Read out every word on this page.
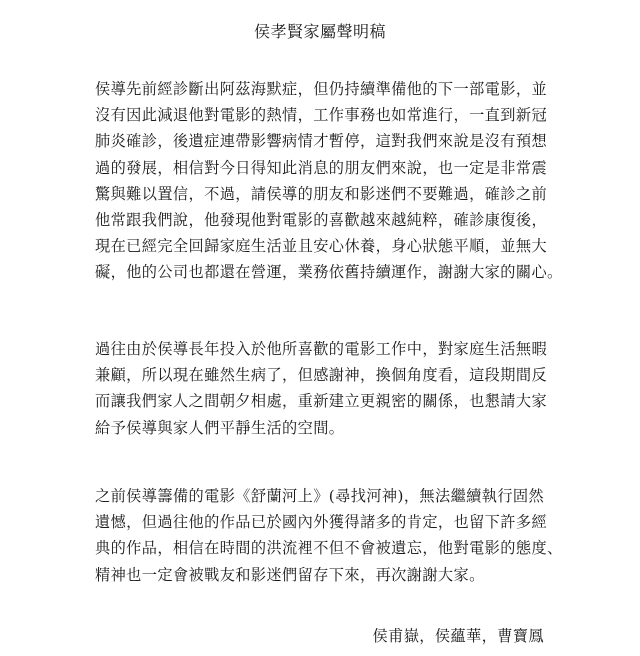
侯孝賢家屬聲明稿
侯導先前經診斷出阿茲海默症，但仍持續準備他的下一部電影，並
沒有因此減退他對電影的熱情，工作事務也如常進行，一直到新冠
肺炎確診，後遺症連帶影響病情才暫停，這對我們來說是沒有預想
過的發展，相信對今日得知此消息的朋友們來說，也一定是非常震
驚與難以置信，不過，請侯導的朋友和影迷們不要難過，確診之前
他常跟我們說，他發現他對電影的喜歡越來越純粹，確診康復後，
現在已經完全回歸家庭生活並且安心休養，身心狀態平順，並無大
礙，他的公司也都還在營運，業務依舊持續運作，謝謝大家的關心。
過往由於侯導長年投入於他所喜歡的電影工作中，對家庭生活無暇
兼顧，所以現在雖然生病了，但感謝神，換個角度看，這段期間反
而讓我們家人之間朝夕相處，重新建立更親密的關係，也懇請大家
給予侯導與家人們平靜生活的空間。
之前侯導籌備的電影《舒蘭河上》(尋找河神)，無法繼續執行固然
遺憾，但過往他的作品已於國內外獲得諸多的肯定，也留下許多經
典的作品，相信在時間的洪流裡不但不會被遺忘，他對電影的態度、
精神也一定會被戰友和影迷們留存下來，再次謝謝大家。
侯甫嶽，侯蘊華，曹寶鳳
